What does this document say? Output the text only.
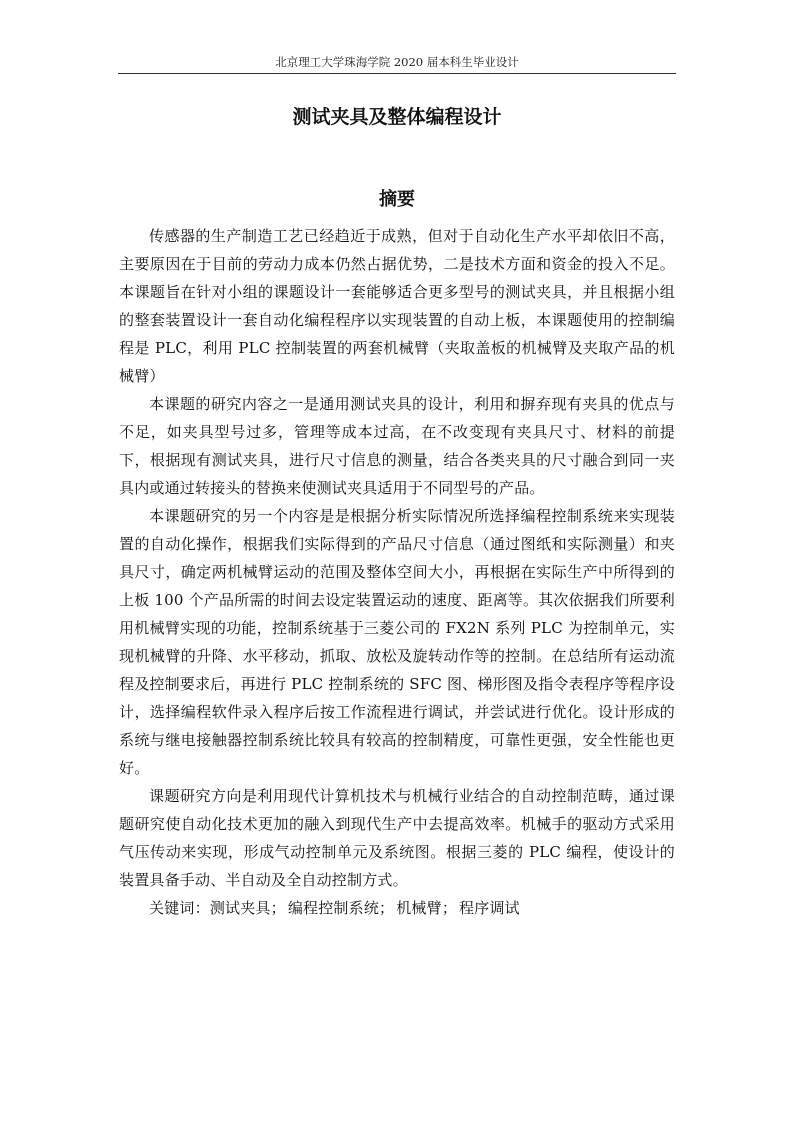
北京理工大学珠海学院 2020 届本科生毕业设计
测试夹具及整体编程设计
摘要

传感器的生产制造工艺已经趋近于成熟，但对于自动化生产水平却依旧不高，主要原因在于目前的劳动力成本仍然占据优势，二是技术方面和资金的投入不足。本课题旨在针对小组的课题设计一套能够适合更多型号的测试夹具，并且根据小组的整套装置设计一套自动化编程程序以实现装置的自动上板，本课题使用的控制编程是 PLC，利用 PLC 控制装置的两套机械臂（夹取盖板的机械臂及夹取产品的机械臂）

本课题的研究内容之一是通用测试夹具的设计，利用和摒弃现有夹具的优点与不足，如夹具型号过多，管理等成本过高，在不改变现有夹具尺寸、材料的前提下，根据现有测试夹具，进行尺寸信息的测量，结合各类夹具的尺寸融合到同一夹具内或通过转接头的替换来使测试夹具适用于不同型号的产品。

本课题研究的另一个内容是是根据分析实际情况所选择编程控制系统来实现装置的自动化操作，根据我们实际得到的产品尺寸信息（通过图纸和实际测量）和夹具尺寸，确定两机械臂运动的范围及整体空间大小，再根据在实际生产中所得到的上板 100 个产品所需的时间去设定装置运动的速度、距离等。其次依据我们所要利用机械臂实现的功能，控制系统基于三菱公司的 FX2N 系列 PLC 为控制单元，实现机械臂的升降、水平移动，抓取、放松及旋转动作等的控制。在总结所有运动流程及控制要求后，再进行 PLC 控制系统的 SFC 图、梯形图及指令表程序等程序设计，选择编程软件录入程序后按工作流程进行调试，并尝试进行优化。设计形成的系统与继电接触器控制系统比较具有较高的控制精度，可靠性更强，安全性能也更好。

课题研究方向是利用现代计算机技术与机械行业结合的自动控制范畴，通过课题研究使自动化技术更加的融入到现代生产中去提高效率。机械手的驱动方式采用气压传动来实现，形成气动控制单元及系统图。根据三菱的 PLC 编程，使设计的装置具备手动、半自动及全自动控制方式。

关键词：测试夹具； 编程控制系统； 机械臂； 程序调试
